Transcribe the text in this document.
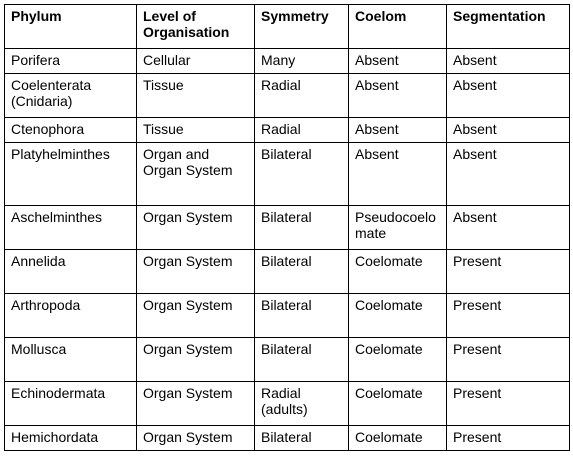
Phylum	Level of Organisation	Symmetry	Coelom	Segmentation
Porifera	Cellular	Many	Absent	Absent
Coelenterata (Cnidaria)	Tissue	Radial	Absent	Absent
Ctenophora	Tissue	Radial	Absent	Absent
Platyhelminthes	Organ and Organ System	Bilateral	Absent	Absent
Aschelminthes	Organ System	Bilateral	Pseudocoelomate	Absent
Annelida	Organ System	Bilateral	Coelomate	Present
Arthropoda	Organ System	Bilateral	Coelomate	Present
Mollusca	Organ System	Bilateral	Coelomate	Present
Echinodermata	Organ System	Radial (adults)	Coelomate	Present
Hemichordata	Organ System	Bilateral	Coelomate	Present
